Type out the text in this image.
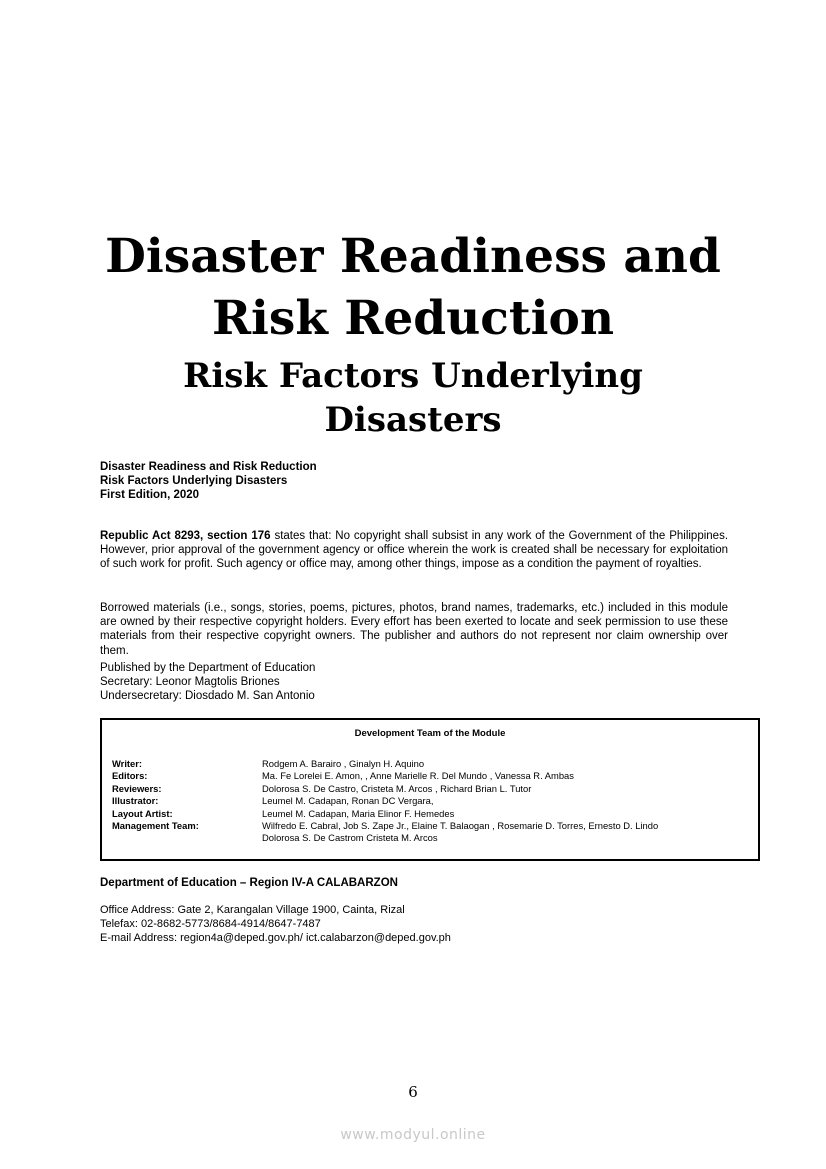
Disaster Readiness and

Risk Reduction

Risk Factors Underlying

Disasters

Disaster Readiness and Risk Reduction
Risk Factors Underlying Disasters
First Edition, 2020

Republic Act 8293, section 176 states that: No copyright shall subsist in any work of the Government of the Philippines. However, prior approval of the government agency or office wherein the work is created shall be necessary for exploitation of such work for profit. Such agency or office may, among other things, impose as a condition the payment of royalties.

Borrowed materials (i.e., songs, stories, poems, pictures, photos, brand names, trademarks, etc.) included in this module are owned by their respective copyright holders. Every effort has been exerted to locate and seek permission to use these materials from their respective copyright owners. The publisher and authors do not represent nor claim ownership over them.

Published by the Department of Education
Secretary: Leonor Magtolis Briones
Undersecretary: Diosdado M. San Antonio
Development Team of the Module
Writer:	Rodgem A. Barairo , Ginalyn H. Aquino
Editors:	Ma. Fe Lorelei E. Amon, , Anne Marielle R. Del Mundo , Vanessa R. Ambas
Reviewers:	Dolorosa S. De Castro, Cristeta M. Arcos , Richard Brian L. Tutor
Illustrator:	Leumel M. Cadapan, Ronan DC Vergara,
Layout Artist:	Leumel M. Cadapan, Maria Elinor F. Hemedes
Management Team:	Wilfredo E. Cabral, Job S. Zape Jr., Elaine T. Balaogan , Rosemarie D. Torres, Ernesto D. Lindo
Dolorosa S. De Castrom Cristeta M. Arcos
Department of Education – Region IV-A CALABARZON
Office Address: Gate 2, Karangalan Village 1900, Cainta, Rizal
Telefax: 02-8682-5773/8684-4914/8647-7487
E-mail Address: region4a@deped.gov.ph/ ict.calabarzon@deped.gov.ph
6
www.modyul.online
